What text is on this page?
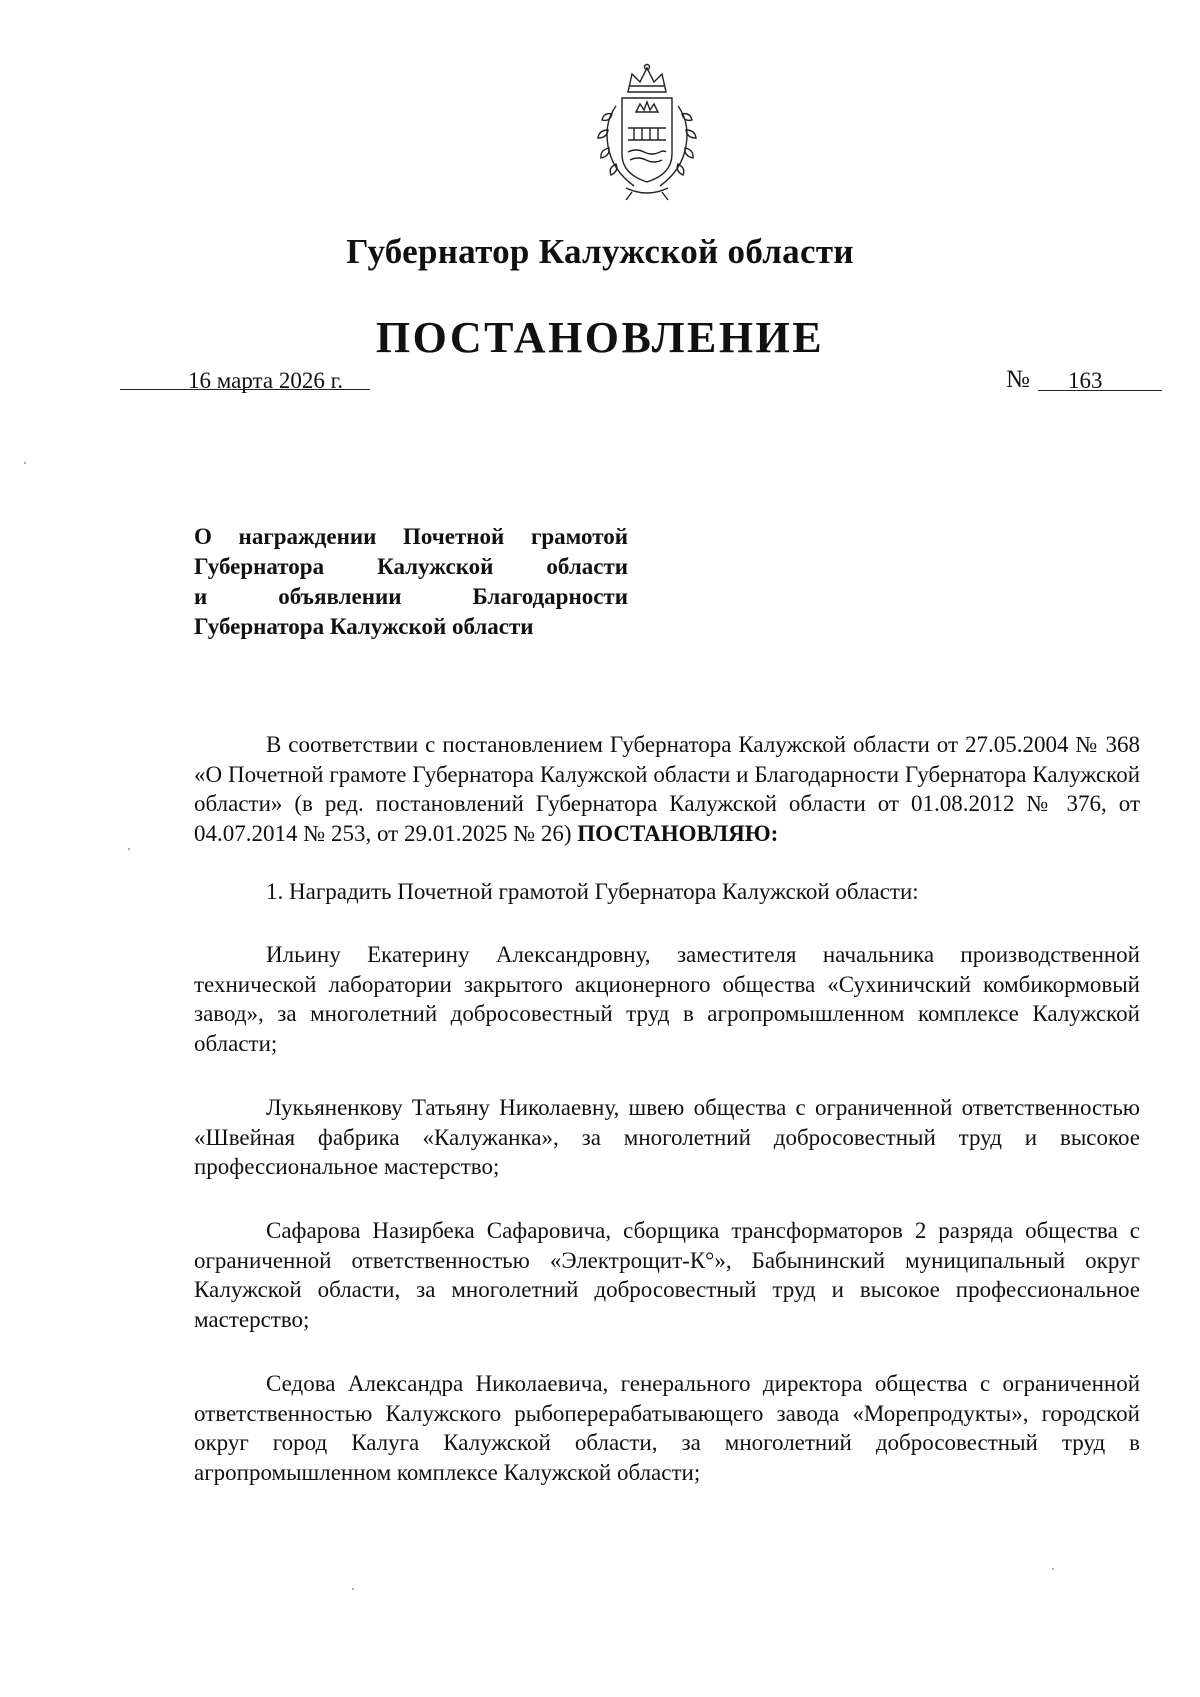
Губернатор Калужской области
ПОСТАНОВЛЕНИЕ
16 марта 2026 г.	№ 163
О награждении Почетной грамотой
Губернатора Калужской области
и объявлении Благодарности
Губернатора Калужской области

В соответствии с постановлением Губернатора Калужской области от 27.05.2004 № 368 «О Почетной грамоте Губернатора Калужской области и Благодарности Губернатора Калужской области» (в ред. постановлений Губернатора Калужской области от 01.08.2012 № 376, от 04.07.2014 № 253, от 29.01.2025 № 26) ПОСТАНОВЛЯЮ:

1. Наградить Почетной грамотой Губернатора Калужской области:

Ильину Екатерину Александровну, заместителя начальника производственной технической лаборатории закрытого акционерного общества «Сухиничский комбикормовый завод», за многолетний добросовестный труд в агропромышленном комплексе Калужской области;

Лукьяненкову Татьяну Николаевну, швею общества с ограниченной ответственностью «Швейная фабрика «Калужанка», за многолетний добросовестный труд и высокое профессиональное мастерство;

Сафарова Назирбека Сафаровича, сборщика трансформаторов 2 разряда общества с ограниченной ответственностью «Электрощит-К°», Бабынинский муниципальный округ Калужской области, за многолетний добросовестный труд и высокое профессиональное мастерство;

Седова Александра Николаевича, генерального директора общества с ограниченной ответственностью Калужского рыбоперерабатывающего завода «Морепродукты», городской округ город Калуга Калужской области, за многолетний добросовестный труд в агропромышленном комплексе Калужской области;
